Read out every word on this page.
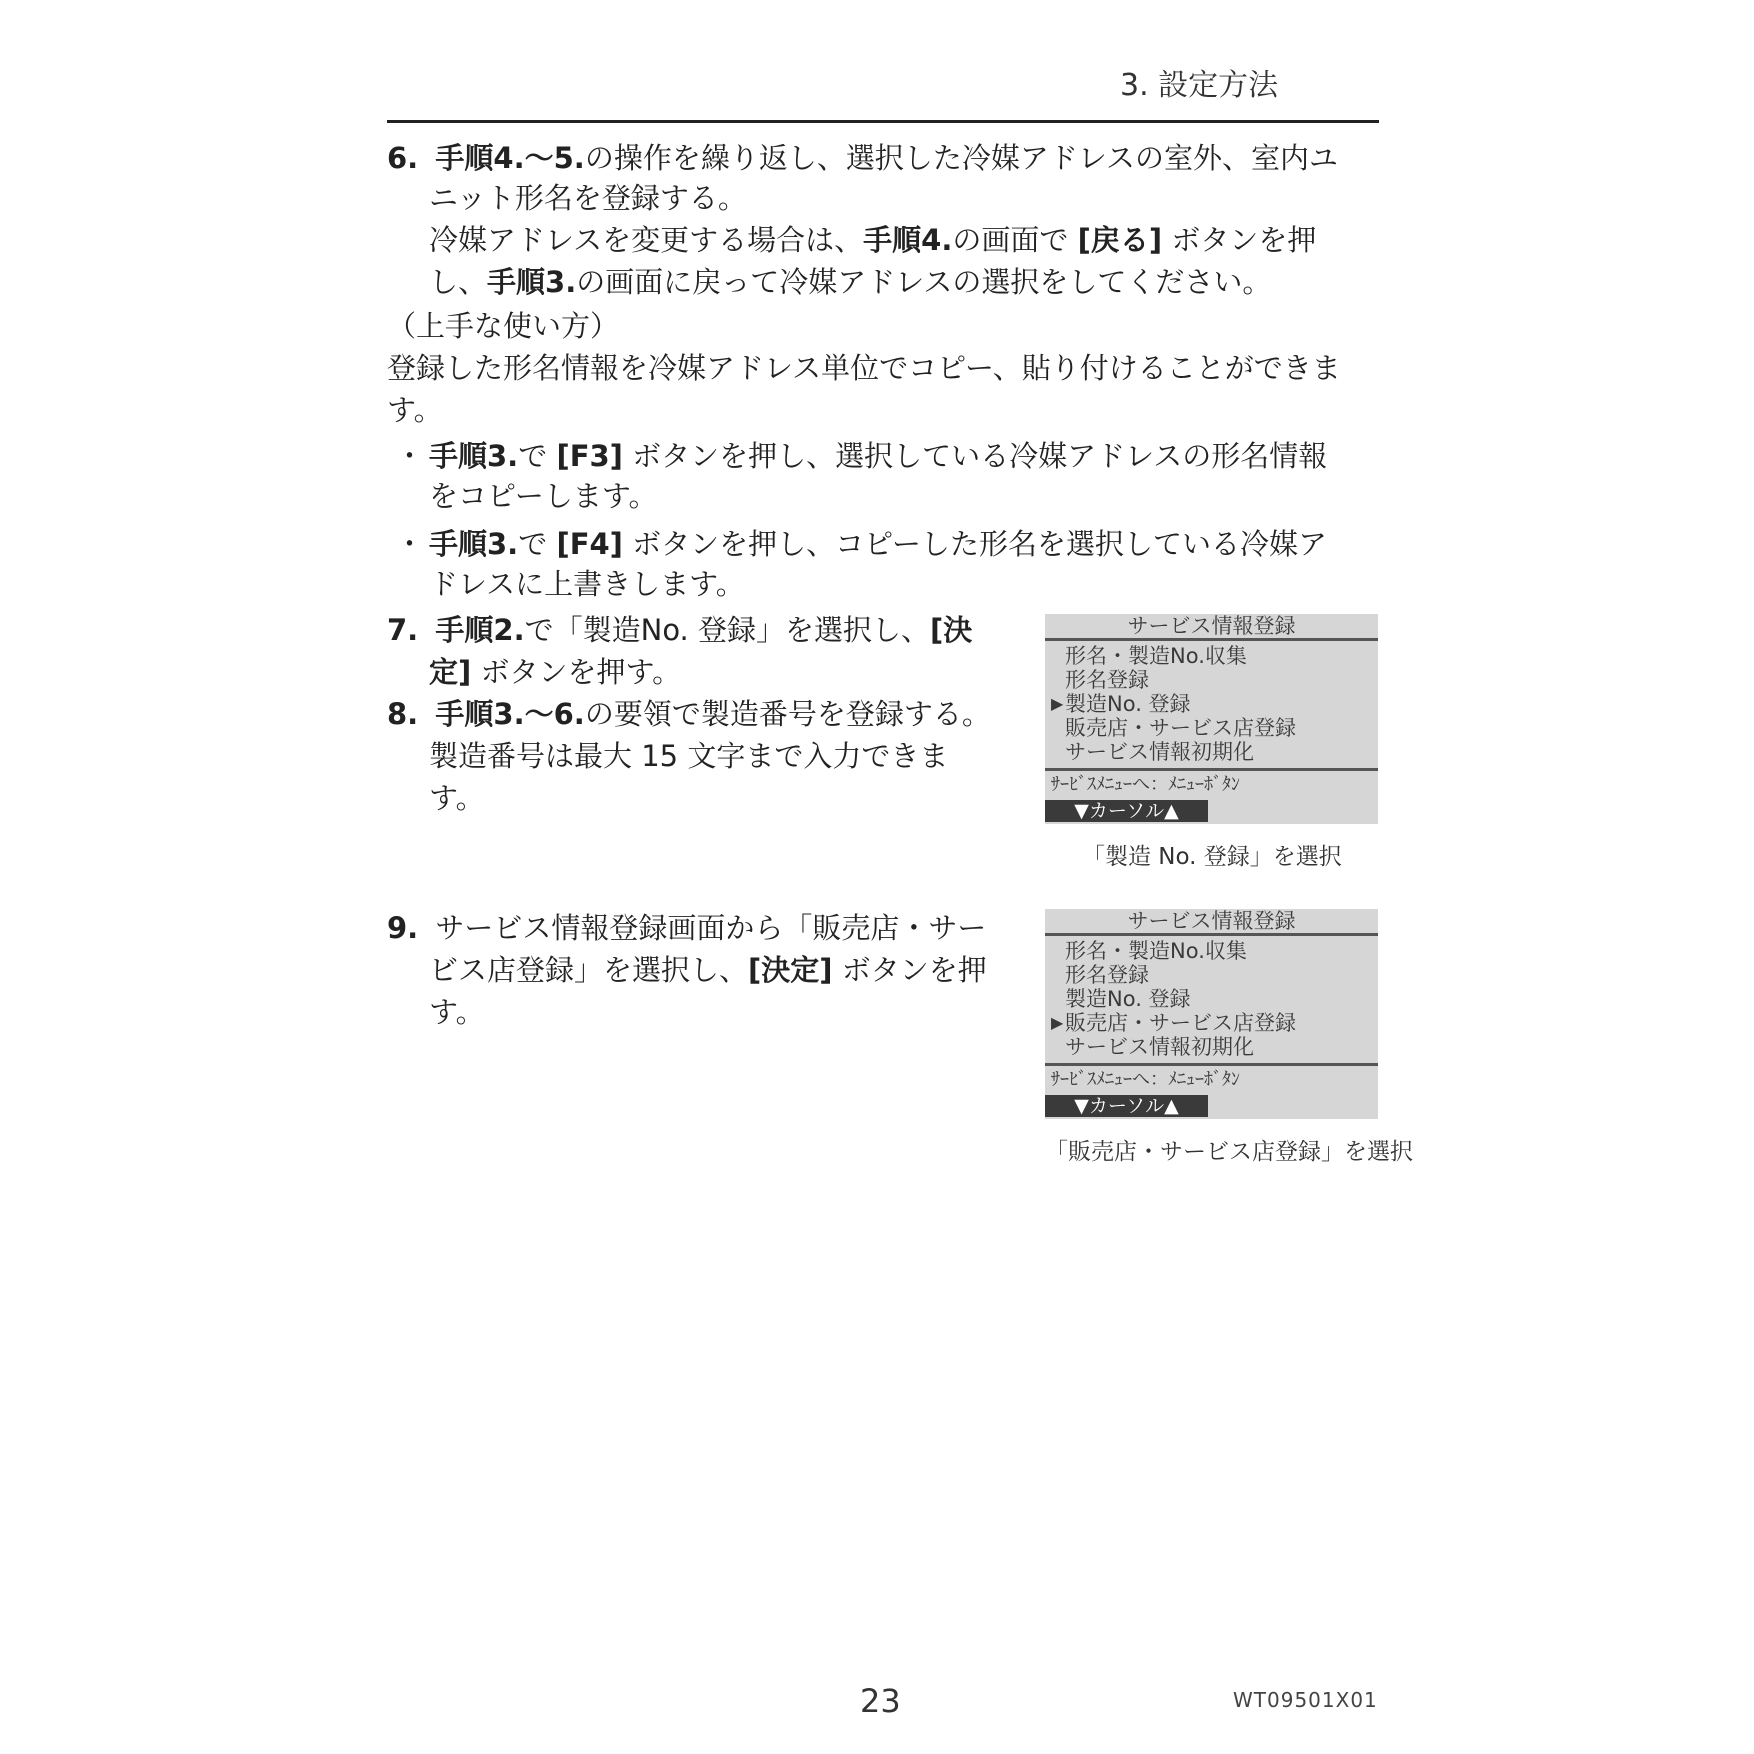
3. 設定方法
6. 手順4.〜5.の操作を繰り返し、選択した冷媒アドレスの室外、室内ユ
ニット形名を登録する。
冷媒アドレスを変更する場合は、手順4.の画面で [戻る] ボタンを押
し、手順3.の画面に戻って冷媒アドレスの選択をしてください。
（上手な使い方）
登録した形名情報を冷媒アドレス単位でコピー、貼り付けることができま
す。
・ 手順3.で [F3] ボタンを押し、選択している冷媒アドレスの形名情報
をコピーします。
・ 手順3.で [F4] ボタンを押し、コピーした形名を選択している冷媒ア
ドレスに上書きします。
7. 手順2.で「製造No. 登録」を選択し、[決
定] ボタンを押す。
8. 手順3.〜6.の要領で製造番号を登録する。
製造番号は最大 15 文字まで入力できま
す。
サービス情報登録
形名・製造No.収集
形名登録
▶ 製造No. 登録
販売店・サービス店登録
サービス情報初期化
ｻｰﾋﾞｽﾒﾆｭｰへ：ﾒﾆｭｰﾎﾞﾀﾝ
▼カーソル▲
「製造 No. 登録」を選択
9. サービス情報登録画面から「販売店・サー
ビス店登録」を選択し、[決定] ボタンを押
す。
サービス情報登録
形名・製造No.収集
形名登録
製造No. 登録
▶ 販売店・サービス店登録
サービス情報初期化
ｻｰﾋﾞｽﾒﾆｭｰへ：ﾒﾆｭｰﾎﾞﾀﾝ
▼カーソル▲
「販売店・サービス店登録」を選択
23	WT09501X01
